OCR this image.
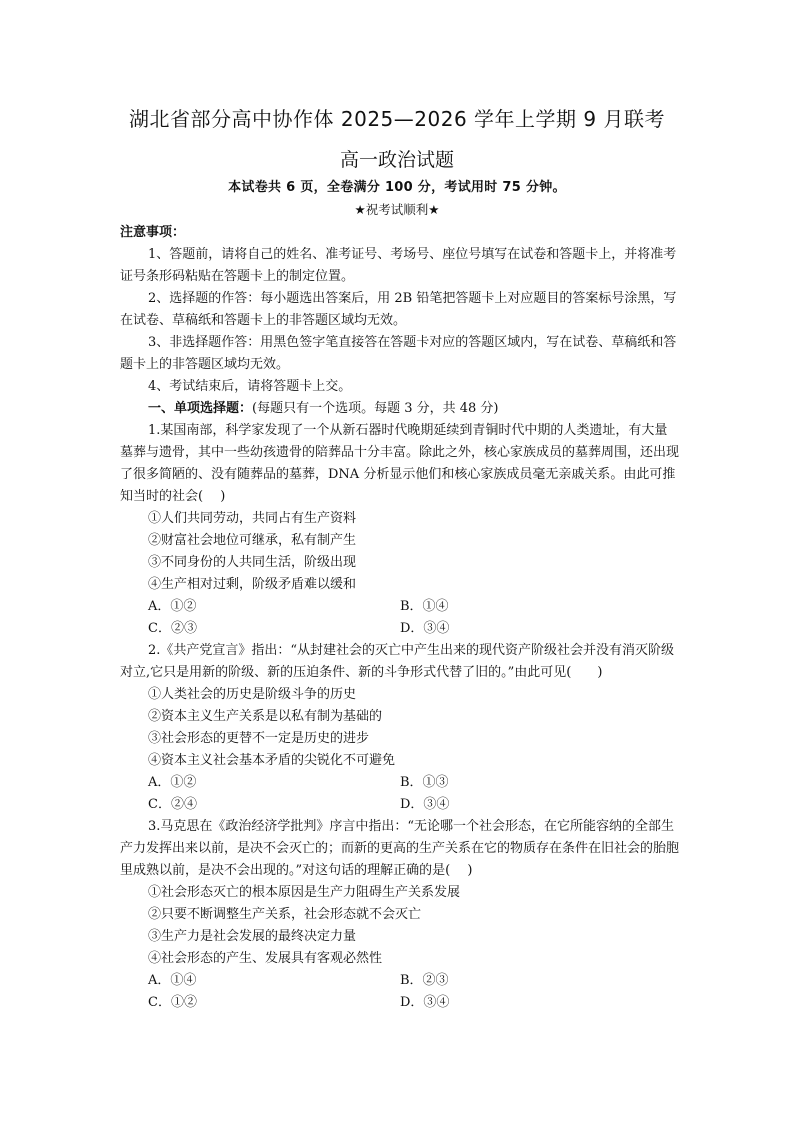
湖北省部分高中协作体 2025—2026 学年上学期 9 月联考
高一政治试题
本试卷共 6 页，全卷满分 100 分，考试用时 75 分钟。
★祝考试顺利★

注意事项：

1、答题前，请将自己的姓名、准考证号、考场号、座位号填写在试卷和答题卡上，并将准考证号条形码粘贴在答题卡上的制定位置。

2、选择题的作答：每小题选出答案后，用 2B 铅笔把答题卡上对应题目的答案标号涂黑，写在试卷、草稿纸和答题卡上的非答题区域均无效。

3、非选择题作答：用黑色签字笔直接答在答题卡对应的答题区域内，写在试卷、草稿纸和答题卡上的非答题区域均无效。

4、考试结束后，请将答题卡上交。

一、单项选择题：(每题只有一个选项。每题 3 分，共 48 分)

1.某国南部，科学家发现了一个从新石器时代晚期延续到青铜时代中期的人类遗址，有大量墓葬与遗骨，其中一些幼孩遗骨的陪葬品十分丰富。除此之外，核心家族成员的墓葬周围，还出现了很多简陋的、没有随葬品的墓葬，DNA 分析显示他们和核心家族成员毫无亲戚关系。由此可推知当时的社会(　 )

①人们共同劳动，共同占有生产资料

②财富社会地位可继承，私有制产生

③不同身份的人共同生活，阶级出现

④生产相对过剩，阶级矛盾难以缓和

A．①②	B．①④
C．②③	D．③④

2.《共产党宣言》指出：“从封建社会的灭亡中产生出来的现代资产阶级社会并没有消灭阶级对立,它只是用新的阶级、新的压迫条件、新的斗争形式代替了旧的。”由此可见(　　)

①人类社会的历史是阶级斗争的历史

②资本主义生产关系是以私有制为基础的

③社会形态的更替不一定是历史的进步

④资本主义社会基本矛盾的尖锐化不可避免

A．①②	B．①③
C．②④	D．③④

3.马克思在《政治经济学批判》序言中指出：“无论哪一个社会形态，在它所能容纳的全部生产力发挥出来以前，是决不会灭亡的；而新的更高的生产关系在它的物质存在条件在旧社会的胎胞里成熟以前，是决不会出现的。”对这句话的理解正确的是(　 )

①社会形态灭亡的根本原因是生产力阻碍生产关系发展

②只要不断调整生产关系，社会形态就不会灭亡

③生产力是社会发展的最终决定力量

④社会形态的产生、发展具有客观必然性

A．①④	B．②③
C．①②	D．③④
